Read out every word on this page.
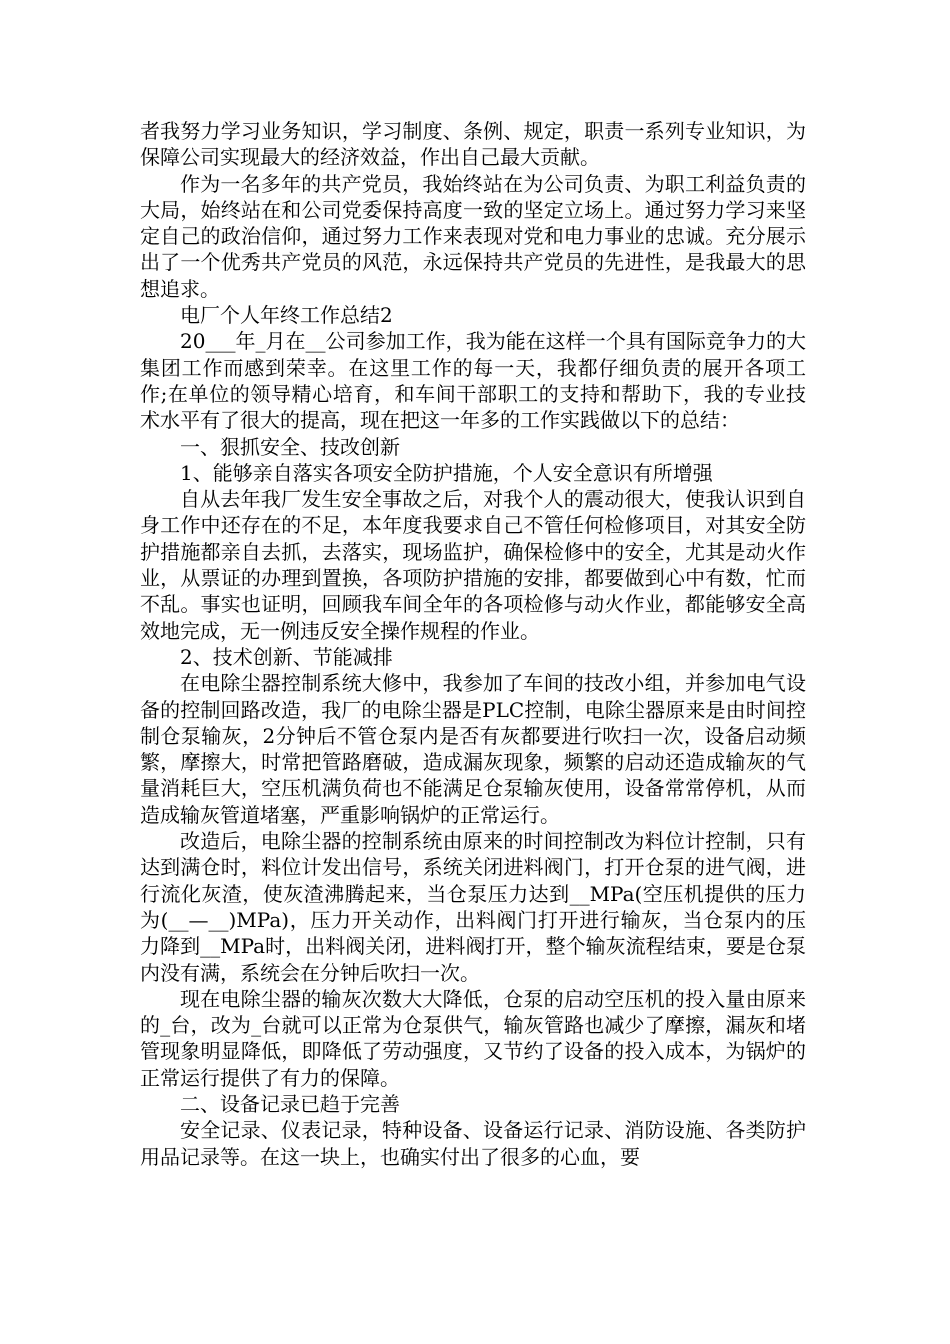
者我努力学习业务知识，学习制度、条例、规定，职责一系列专业知识，为保障公司实现最大的经济效益，作出自己最大贡献。

作为一名多年的共产党员，我始终站在为公司负责、为职工利益负责的大局，始终站在和公司党委保持高度一致的坚定立场上。通过努力学习来坚定自己的政治信仰，通过努力工作来表现对党和电力事业的忠诚。充分展示出了一个优秀共产党员的风范，永远保持共产党员的先进性，是我最大的思想追求。

电厂个人年终工作总结2

20___年_月在__公司参加工作，我为能在这样一个具有国际竞争力的大集团工作而感到荣幸。在这里工作的每一天，我都仔细负责的展开各项工作;在单位的领导精心培育，和车间干部职工的支持和帮助下，我的专业技术水平有了很大的提高，现在把这一年多的工作实践做以下的总结：

一、狠抓安全、技改创新

1、能够亲自落实各项安全防护措施，个人安全意识有所增强

自从去年我厂发生安全事故之后，对我个人的震动很大，使我认识到自身工作中还存在的不足，本年度我要求自己不管任何检修项目，对其安全防护措施都亲自去抓，去落实，现场监护，确保检修中的安全，尤其是动火作业，从票证的办理到置换，各项防护措施的安排，都要做到心中有数，忙而不乱。事实也证明，回顾我车间全年的各项检修与动火作业，都能够安全高效地完成，无一例违反安全操作规程的作业。

2、技术创新、节能减排

在电除尘器控制系统大修中，我参加了车间的技改小组，并参加电气设备的控制回路改造，我厂的电除尘器是PLC控制，电除尘器原来是由时间控制仓泵输灰，2分钟后不管仓泵内是否有灰都要进行吹扫一次，设备启动频繁，摩擦大，时常把管路磨破，造成漏灰现象，频繁的启动还造成输灰的气量消耗巨大，空压机满负荷也不能满足仓泵输灰使用，设备常常停机，从而造成输灰管道堵塞，严重影响锅炉的正常运行。

改造后，电除尘器的控制系统由原来的时间控制改为料位计控制，只有达到满仓时，料位计发出信号，系统关闭进料阀门，打开仓泵的进气阀，进行流化灰渣，使灰渣沸腾起来，当仓泵压力达到__MPa(空压机提供的压力为(__—__)MPa)，压力开关动作，出料阀门打开进行输灰，当仓泵内的压力降到__MPa时，出料阀关闭，进料阀打开，整个输灰流程结束，要是仓泵内没有满，系统会在分钟后吹扫一次。

现在电除尘器的输灰次数大大降低，仓泵的启动空压机的投入量由原来的_台，改为_台就可以正常为仓泵供气，输灰管路也减少了摩擦，漏灰和堵管现象明显降低，即降低了劳动强度，又节约了设备的投入成本，为锅炉的正常运行提供了有力的保障。

二、设备记录已趋于完善

安全记录、仪表记录，特种设备、设备运行记录、消防设施、各类防护用品记录等。在这一块上，也确实付出了很多的心血，要
